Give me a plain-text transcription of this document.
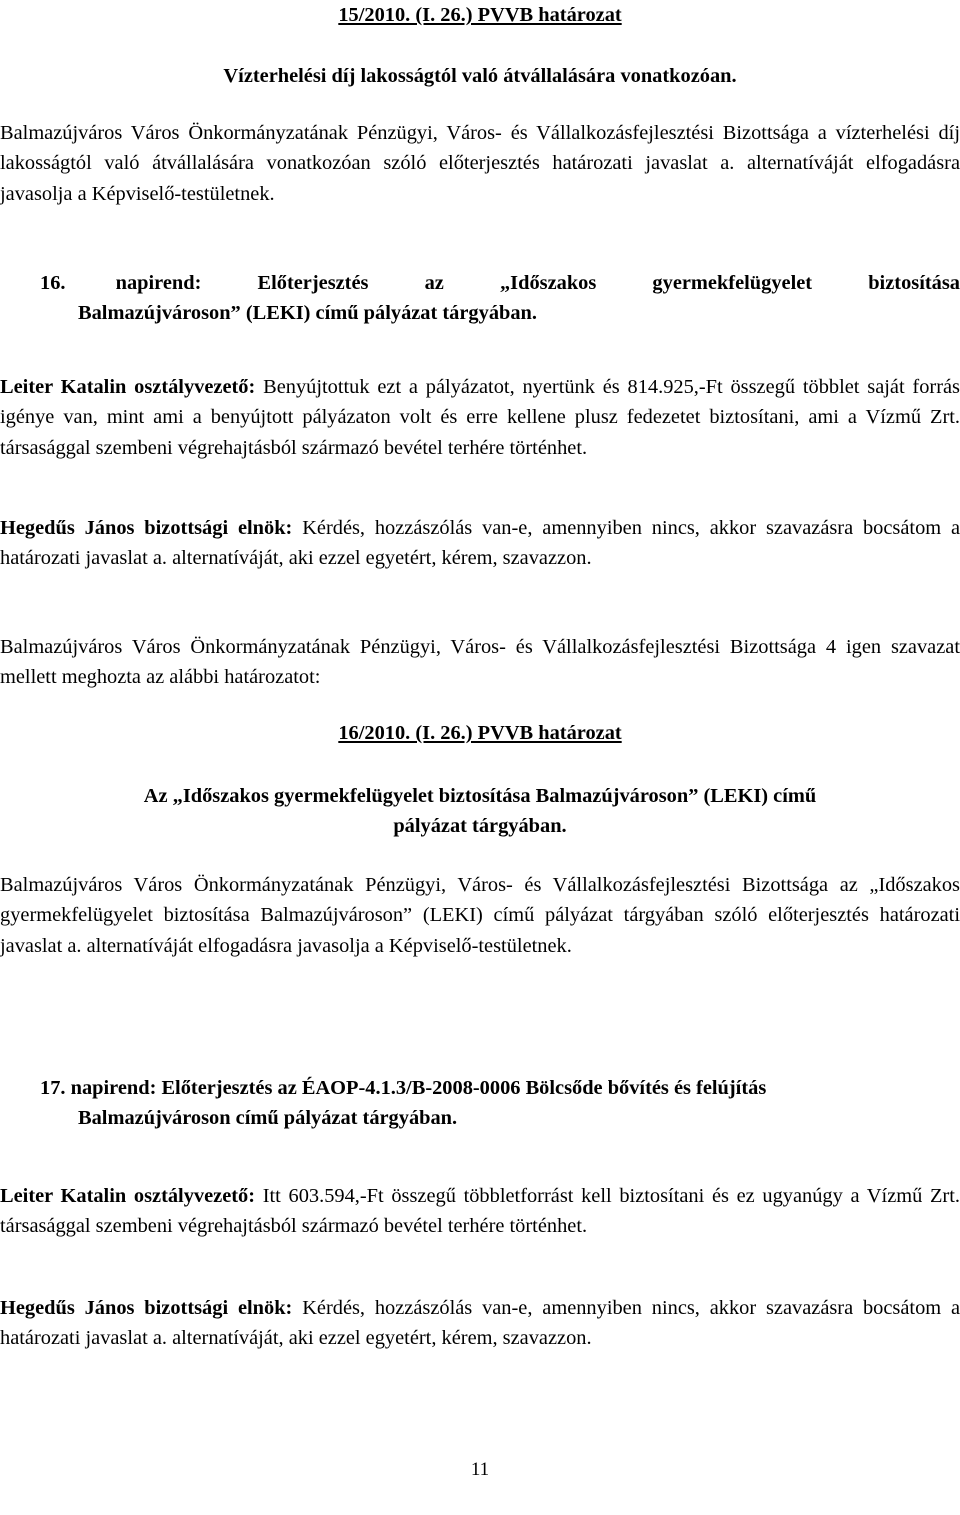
15/2010. (I. 26.) PVVB határozat
Vízterhelési díj lakosságtól való átvállalására vonatkozóan.
Balmazújváros Város Önkormányzatának Pénzügyi, Város- és Vállalkozásfejlesztési Bizottsága a vízterhelési díj lakosságtól való átvállalására vonatkozóan szóló előterjesztés határozati javaslat a. alternatíváját elfogadásra javasolja a Képviselő-testületnek.
16. napirend:	Előterjesztés	az	„Időszakos	gyermekfelügyelet	biztosítása
Balmazújvároson” (LEKI) című pályázat tárgyában.
Leiter Katalin osztályvezető: Benyújtottuk ezt a pályázatot, nyertünk és 814.925,-Ft összegű többlet saját forrás igénye van, mint ami a benyújtott pályázaton volt és erre kellene plusz fedezetet biztosítani, ami a Vízmű Zrt. társasággal szembeni végrehajtásból származó bevétel terhére történhet.
Hegedűs János bizottsági elnök: Kérdés, hozzászólás van-e, amennyiben nincs, akkor szavazásra bocsátom a határozati javaslat a. alternatíváját, aki ezzel egyetért, kérem, szavazzon.
Balmazújváros Város Önkormányzatának Pénzügyi, Város- és Vállalkozásfejlesztési Bizottsága 4 igen szavazat mellett meghozta az alábbi határozatot:
16/2010. (I. 26.) PVVB határozat
Az „Időszakos gyermekfelügyelet biztosítása Balmazújvároson” (LEKI) című
pályázat tárgyában.
Balmazújváros Város Önkormányzatának Pénzügyi, Város- és Vállalkozásfejlesztési Bizottsága az „Időszakos gyermekfelügyelet biztosítása Balmazújvároson” (LEKI) című pályázat tárgyában szóló előterjesztés határozati javaslat a. alternatíváját elfogadásra javasolja a Képviselő-testületnek.
17. napirend: Előterjesztés az ÉAOP-4.1.3/B-2008-0006 Bölcsőde bővítés és felújítás
Balmazújvároson című pályázat tárgyában.
Leiter Katalin osztályvezető: Itt 603.594,-Ft összegű többletforrást kell biztosítani és ez ugyanúgy a Vízmű Zrt. társasággal szembeni végrehajtásból származó bevétel terhére történhet.
Hegedűs János bizottsági elnök: Kérdés, hozzászólás van-e, amennyiben nincs, akkor szavazásra bocsátom a határozati javaslat a. alternatíváját, aki ezzel egyetért, kérem, szavazzon.
11
